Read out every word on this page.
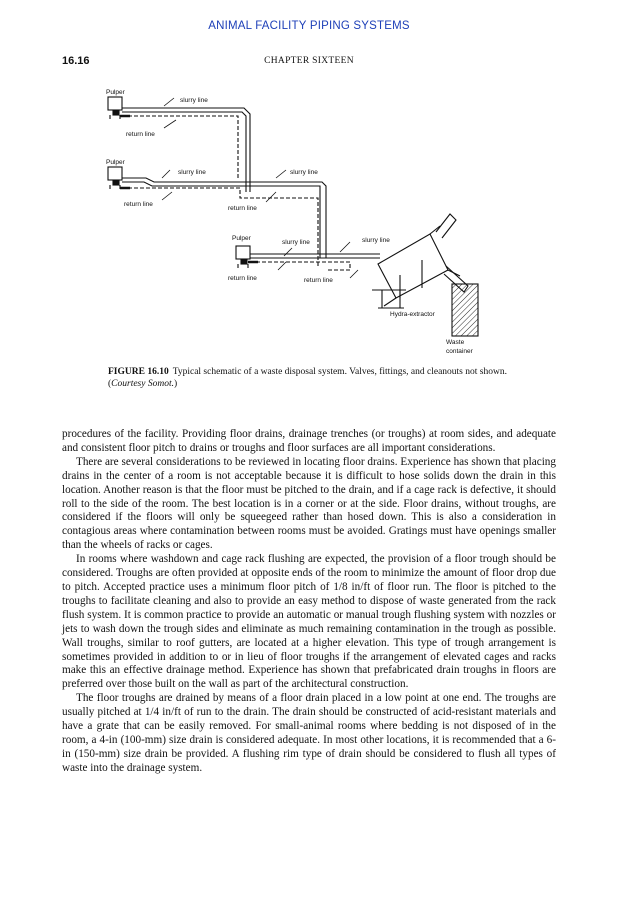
ANIMAL FACILITY PIPING SYSTEMS
16.16	CHAPTER SIXTEEN
Pulper
slurry line
return line
Pulper
slurry line
return line
slurry line
return line
Pulper
slurry line	slurry line
return line	return line
Hydra-extractor
Waste
container
FIGURE 16.10 Typical schematic of a waste disposal system. Valves, fittings, and cleanouts not shown. (Courtesy Somot.)

procedures of the facility. Providing floor drains, drainage trenches (or troughs) at room sides, and adequate and consistent floor pitch to drains or troughs and floor surfaces are all important considerations.

There are several considerations to be reviewed in locating floor drains. Experience has shown that placing drains in the center of a room is not acceptable because it is difficult to hose solids down the drain in this location. Another reason is that the floor must be pitched to the drain, and if a cage rack is defective, it should roll to the side of the room. The best location is in a corner or at the side. Floor drains, without troughs, are considered if the floors will only be squeegeed rather than hosed down. This is also a consideration in contagious areas where contamination between rooms must be avoided. Gratings must have openings smaller than the wheels of racks or cages.

In rooms where washdown and cage rack flushing are expected, the provision of a floor trough should be considered. Troughs are often provided at opposite ends of the room to minimize the amount of floor drop due to pitch. Accepted practice uses a minimum floor pitch of 1/8 in/ft of floor run. The floor is pitched to the troughs to facilitate cleaning and also to provide an easy method to dispose of waste generated from the rack flush system. It is common practice to provide an automatic or manual trough flushing system with nozzles or jets to wash down the trough sides and eliminate as much remaining contamination in the trough as possible. Wall troughs, similar to roof gutters, are located at a higher elevation. This type of trough arrangement is sometimes provided in addition to or in lieu of floor troughs if the arrangement of elevated cages and racks make this an effective drainage method. Experience has shown that prefabricated drain troughs in floors are preferred over those built on the wall as part of the architectural construction.

The floor troughs are drained by means of a floor drain placed in a low point at one end. The troughs are usually pitched at 1/4 in/ft of run to the drain. The drain should be constructed of acid-resistant materials and have a grate that can be easily removed. For small-animal rooms where bedding is not disposed of in the room, a 4-in (100-mm) size drain is considered adequate. In most other locations, it is recommended that a 6-in (150-mm) size drain be provided. A flushing rim type of drain should be considered to flush all types of waste into the drainage system.
